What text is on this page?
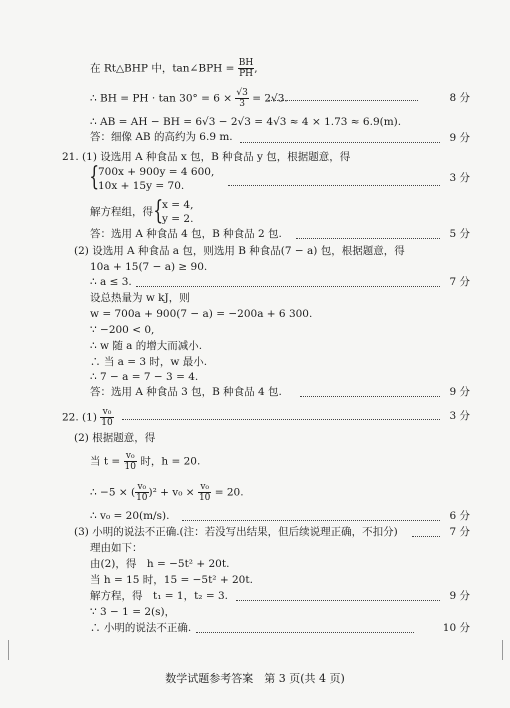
在 Rt△BHP 中，tan∠BPH = $\frac{BH}{PH}$ ,
∴ BH = PH · $\tan 30^\circ = 6 \times \frac{√3}{3} = 2√3$.	8 分
∴ AB = AH − BH = 6√3 − 2√3 = 4√3 ≈ 4 × 1.73 ≈ 6.9(m).
答：细像 AB 的高约为 6.9 m.	9 分
21. (1) 设选用 A 种食品 x 包，B 种食品 y 包，根据题意，得
{
700x + 900y = 4 600,
10x + 15y = 70.
3 分
解方程组，得 {
x = 4,
y = 2.
答：选用 A 种食品 4 包，B 种食品 2 包.	5 分
(2) 设选用 A 种食品 a 包，则选用 B 种食品(7 − a) 包，根据题意，得
10a + 15(7 − a) ≥ 90.
∴ a ≤ 3.	7 分
设总热量为 w kJ，则
w = 700a + 900(7 − a) = −200a + 6 300.
∵ −200 < 0,
∴ w 随 a 的增大而减小.
∴ 当 a = 3 时，w 最小.
∴ 7 − a = 7 − 3 = 4.
答：选用 A 种食品 3 包，B 种食品 4 包.	9 分
22. $(1) \frac{\text{v₀}}{10}$	3 分
(2) 根据题意，得
当 $t = \frac{\text{v₀}}{10}$ 时，h = 20.
∴ −5 × ( $\frac{\text{v₀}}{10} )^2 + v_0 \times \frac{\text{v₀}}{10} = 20$.
∴ v₀ = 20(m/s).	6 分
(3) 小明的说法不正确.(注：若没写出结果，但后续说理正确，不扣分)	7 分
理由如下：
由(2)，得　h = −5t² + 20t.
当 h = 15 时，15 = −5t² + 20t.
解方程，得　t₁ = 1，t₂ = 3.	9 分
∵ 3 − 1 = 2(s)，
∴ 小明的说法不正确.	10 分
数学试题参考答案　第 3 页(共 4 页)
